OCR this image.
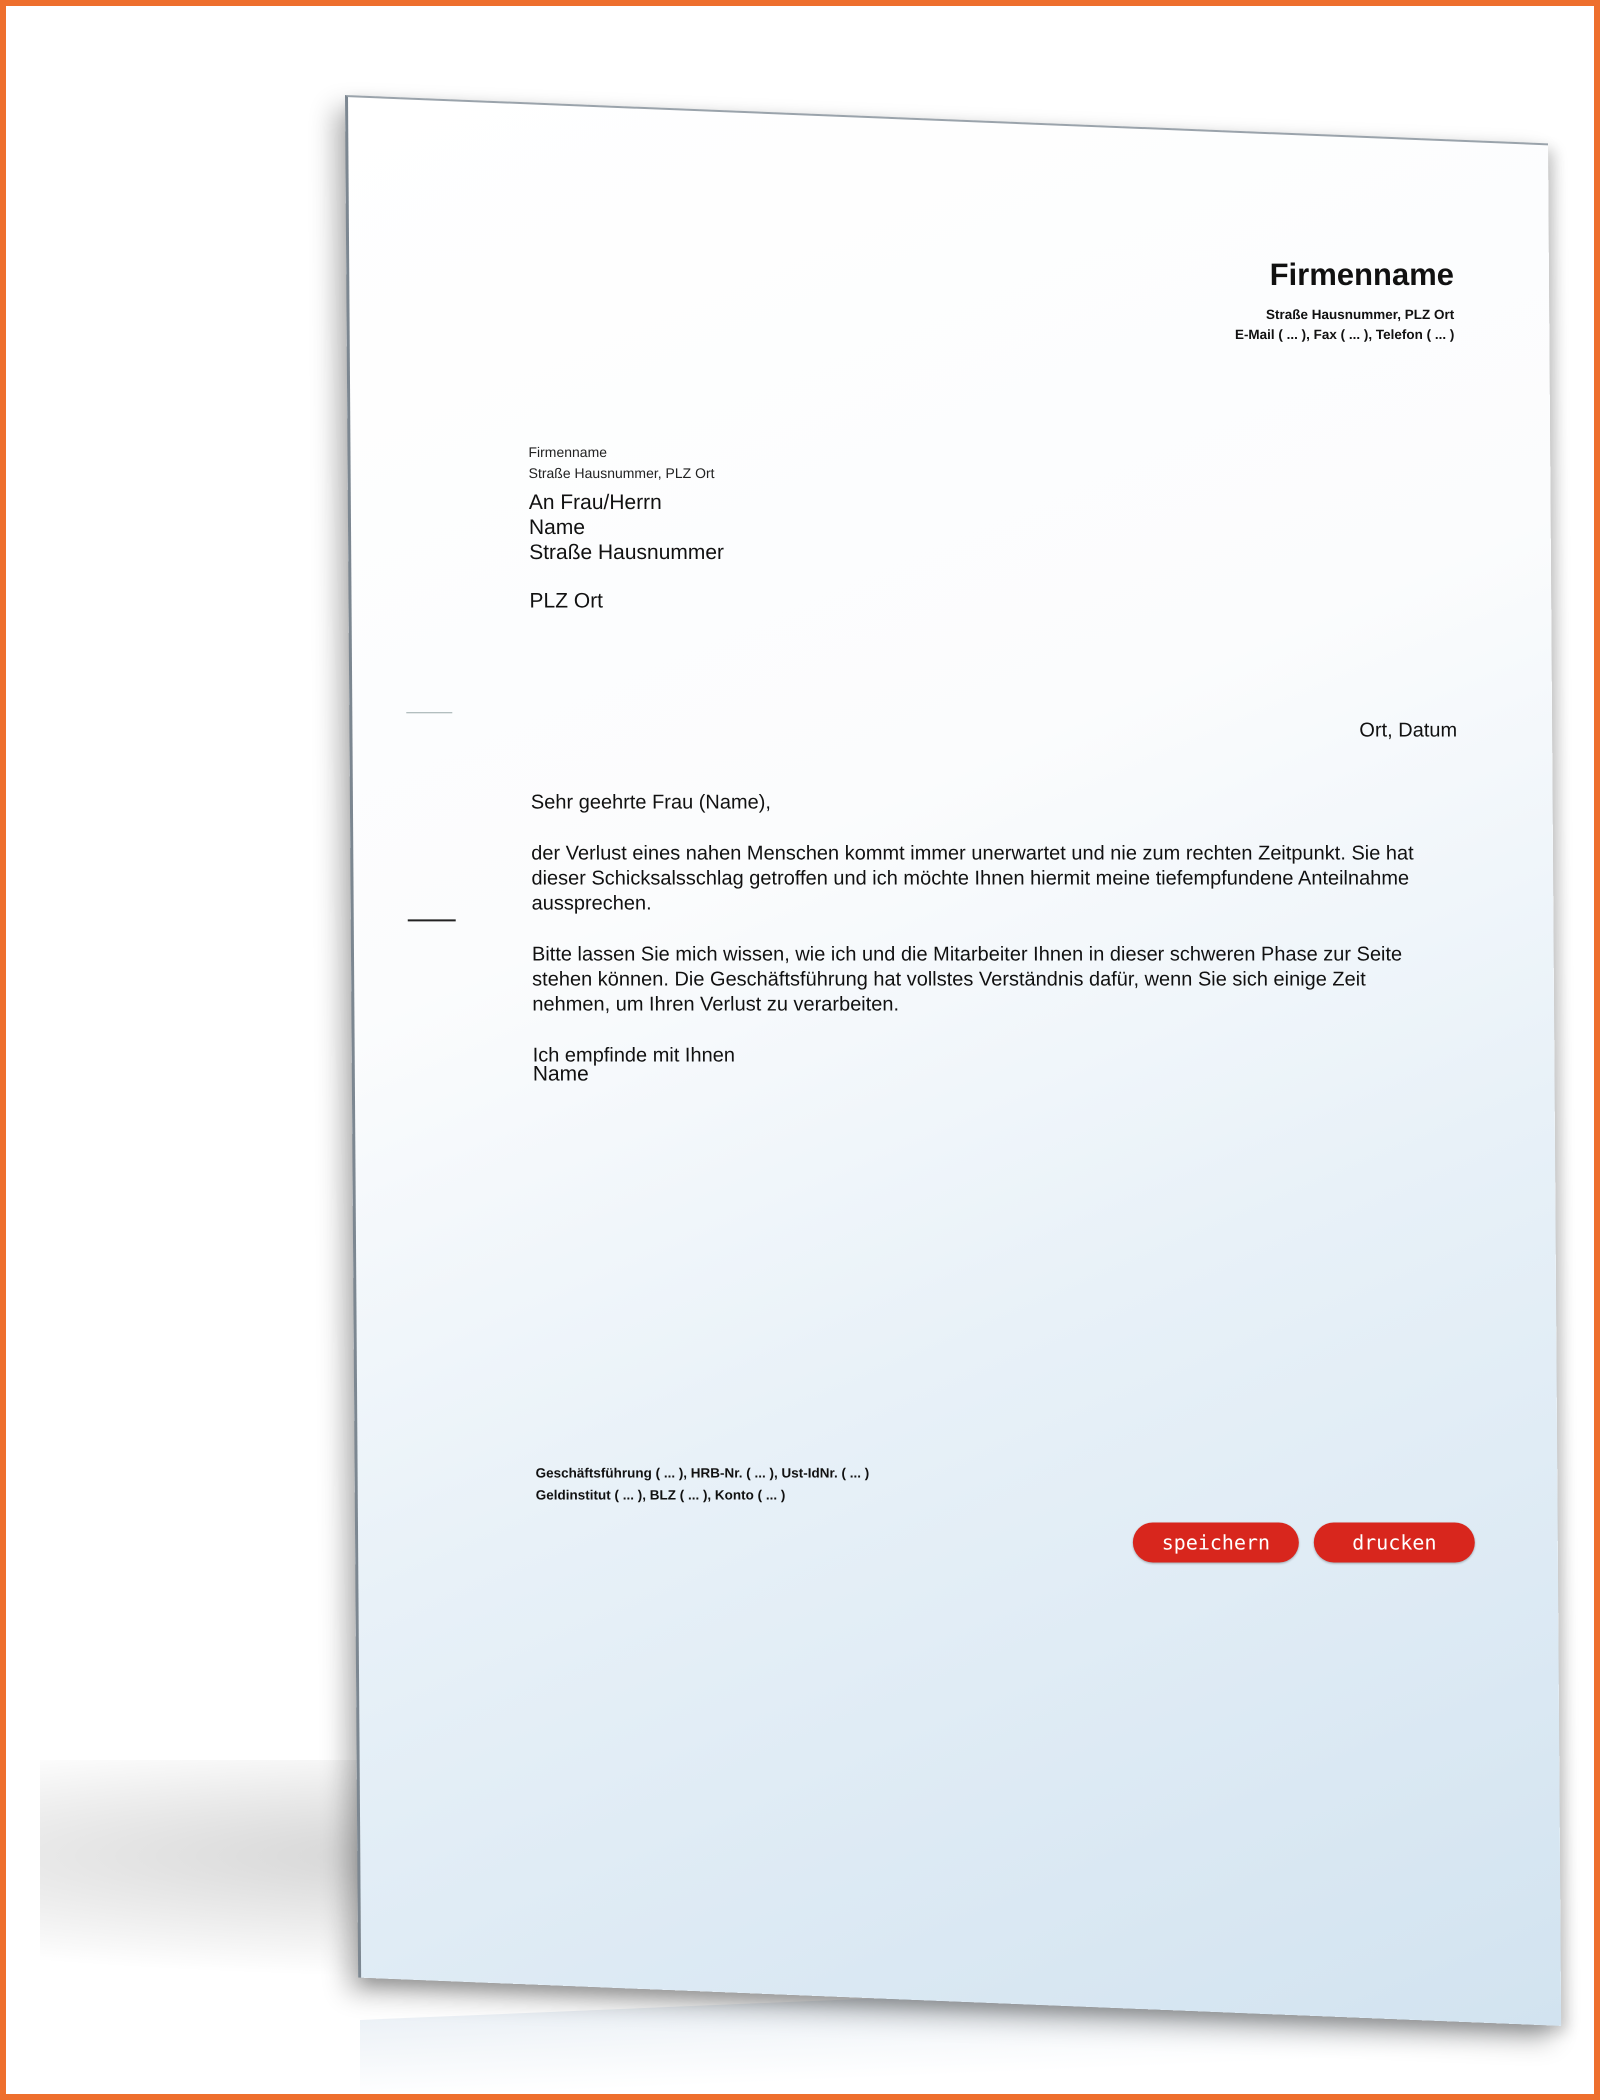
Firmenname
Straße Hausnummer, PLZ Ort
E-Mail ( ... ), Fax ( ... ), Telefon ( ... )
Firmenname
Straße Hausnummer, PLZ Ort
An Frau/Herrn
Name
Straße Hausnummer
PLZ Ort
Ort, Datum

Sehr geehrte Frau (Name),

der Verlust eines nahen Menschen kommt immer unerwartet und nie zum rechten Zeitpunkt. Sie hat dieser Schicksalsschlag getroffen und ich möchte Ihnen hiermit meine tiefempfundene Anteilnahme aussprechen.

Bitte lassen Sie mich wissen, wie ich und die Mitarbeiter Ihnen in dieser schweren Phase zur Seite stehen können. Die Geschäftsführung hat vollstes Verständnis dafür, wenn Sie sich einige Zeit nehmen, um Ihren Verlust zu verarbeiten.

Ich empfinde mit Ihnen

Name
Geschäftsführung ( ... ), HRB-Nr. ( ... ), Ust-IdNr. ( ... )
Geldinstitut ( ... ), BLZ ( ... ), Konto ( ... )
speichern	drucken
